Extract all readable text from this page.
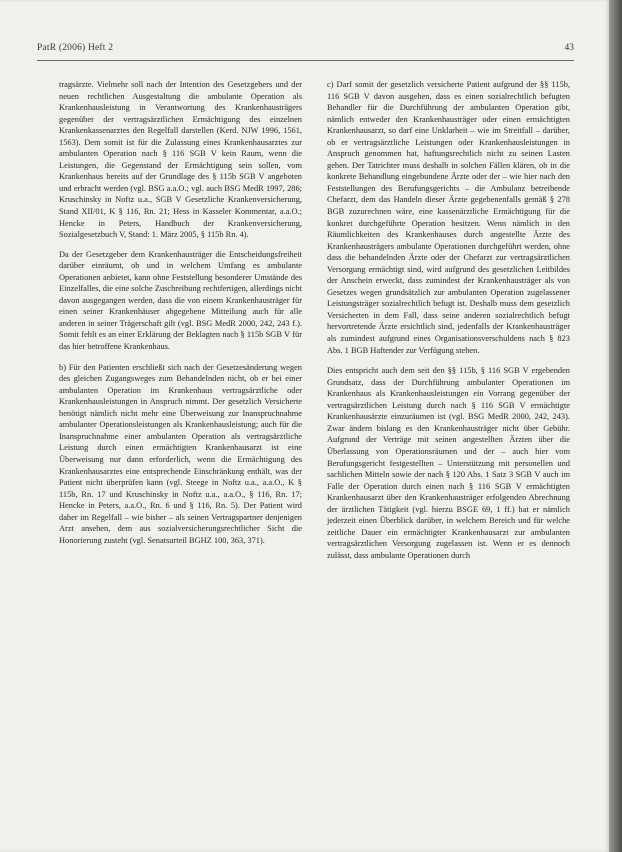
PatR (2006) Heft 2	43

tragsärzte. Vielmehr soll nach der Intention des Gesetzgebers und der neuen rechtlichen Ausgestaltung die ambulante Operation als Krankenhausleistung in Verantwortung des Krankenhausträgers gegenüber der vertragsärztlichen Ermächtigung des einzelnen Krankenkassenarztes den Regelfall darstellen (Kerd. NJW 1996, 1561, 1563). Dem somit ist für die Zulassung eines Krankenhausarztes zur ambulanten Operation nach § 116 SGB V kein Raum, wenn die Leistungen, die Gegenstand der Ermächtigung sein sollen, vom Krankenhaus bereits auf der Grundlage des § 115b SGB V angeboten und erbracht werden (vgl. BSG a.a.O.; vgl. auch BSG MedR 1997, 286; Kruschinsky in Noftz u.a., SGB V Gesetzliche Krankenversicherung, Stand XII/01, K § 116, Rn. 21; Hess in Kasseler Kommentar, a.a.O.; Hencke in Peters, Handbuch der Krankenversicherung, Sozialgesetzbuch V, Stand: 1. März 2005, § 115b Rn. 4).

Da der Gesetzgeber dem Krankenhausträger die Entscheidungsfreiheit darüber einräumt, ob und in welchem Umfang es ambulante Operationen anbietet, kann ohne Feststellung besonderer Umstände des Einzelfalles, die eine solche Zuschreibung rechtfertigen, allerdings nicht davon ausgegangen werden, dass die von einem Krankenhausträger für einen seiner Krankenhäuser abgegebene Mitteilung auch für alle anderen in seiner Trägerschaft gilt (vgl. BSG MedR 2000, 242, 243 f.). Somit fehlt es an einer Erklärung der Beklagten nach § 115b SGB V für das hier betroffene Krankenhaus.

b) Für den Patienten erschließt sich nach der Gesetzesänderung wegen des gleichen Zugangsweges zum Behandelnden nicht, ob er bei einer ambulanten Operation im Krankenhaus vertragsärztliche oder Krankenhausleistungen in Anspruch nimmt. Der gesetzlich Versicherte benötigt nämlich nicht mehr eine Überweisung zur Inanspruchnahme ambulanter Operationsleistungen als Krankenhausleistung; auch für die Inanspruchnahme einer ambulanten Operation als vertragsärztliche Leistung durch einen ermächtigten Krankenhausarzt ist eine Überweisung nur dann erforderlich, wenn die Ermächtigung des Krankenhausarztes eine entsprechende Einschränkung enthält, was der Patient nicht überprüfen kann (vgl. Steege in Noftz u.a., a.a.O., K § 115b, Rn. 17 und Kruschinsky in Noftz u.a., a.a.O., § 116, Rn. 17; Hencke in Peters, a.a.O., Rn. 6 und § 116, Rn. 5). Der Patient wird daher im Regelfall – wie bisher – als seinen Vertragspartner denjenigen Arzt ansehen, dem aus sozialversicherungsrechtlicher Sicht die Honorierung zusteht (vgl. Senatsurteil BGHZ 100, 363, 371).

c) Darf somit der gesetzlich versicherte Patient aufgrund der §§ 115b, 116 SGB V davon ausgehen, dass es einen sozialrechtlich befugten Behandler für die Durchführung der ambulanten Operation gibt, nämlich entweder den Krankenhausträger oder einen ermächtigten Krankenhausarzt, so darf eine Unklarheit – wie im Streitfall – darüber, ob er vertragsärztliche Leistungen oder Krankenhausleistungen in Anspruch genommen hat, haftungsrechtlich nicht zu seinen Lasten gehen. Der Tatrichter muss deshalb in solchen Fällen klären, ob in die konkrete Behandlung eingebundene Ärzte oder der – wie hier nach den Feststellungen des Berufungsgerichts – die Ambulanz betreibende Chefarzt, dem das Handeln dieser Ärzte gegebenenfalls gemäß § 278 BGB zuzurechnen wäre, eine kassenärztliche Ermächtigung für die konkret durchgeführte Operation besitzen. Wenn nämlich in den Räumlichkeiten des Krankenhauses durch angestellte Ärzte des Krankenhausträgers ambulante Operationen durchgeführt werden, ohne dass die behandelnden Ärzte oder der Chefarzt zur vertragsärztlichen Versorgung ermächtigt sind, wird aufgrund des gesetzlichen Leitbildes der Anschein erweckt, dass zumindest der Krankenhausträger als von Gesetzes wegen grundsätzlich zur ambulanten Operation zugelassener Leistungsträger sozialrechtlich befugt ist. Deshalb muss dem gesetzlich Versicherten in dem Fall, dass seine anderen sozialrechtlich befugt hervortretende Ärzte ersichtlich sind, jedenfalls der Krankenhausträger als zumindest aufgrund eines Organisationsverschuldens nach § 823 Abs. 1 BGB Haftender zur Verfügung stehen.

Dies entspricht auch dem seit den §§ 115b, § 116 SGB V ergebenden Grundsatz, dass der Durchführung ambulanter Operationen im Krankenhaus als Krankenhausleistungen ein Vorrang gegenüber der vertragsärztlichen Leistung durch nach § 116 SGB V ermächtigte Krankenhausärzte einzuräumen ist (vgl. BSG MedR 2000, 242, 243). Zwar ändern bislang es den Krankenhausträger nicht über Gebühr. Aufgrund der Verträge mit seinen angestellten Ärzten über die Überlassung von Operationsräumen und der – auch hier vom Berufungsgericht festgestellten – Unterstützung mit personellen und sachlichen Mitteln sowie der nach § 120 Abs. 1 Satz 3 SGB V auch im Falle der Operation durch einen nach § 116 SGB V ermächtigten Krankenhausarzt über den Krankenhausträger erfolgenden Abrechnung der ärztlichen Tätigkeit (vgl. hierzu BSGE 69, 1 ff.) hat er nämlich jederzeit einen Überblick darüber, in welchem Bereich und für welche zeitliche Dauer ein ermächtigter Krankenhausarzt zur ambulanten vertragsärztlichen Versorgung zugelassen ist. Wenn er es dennoch zulässt, dass ambulante Operationen durch
